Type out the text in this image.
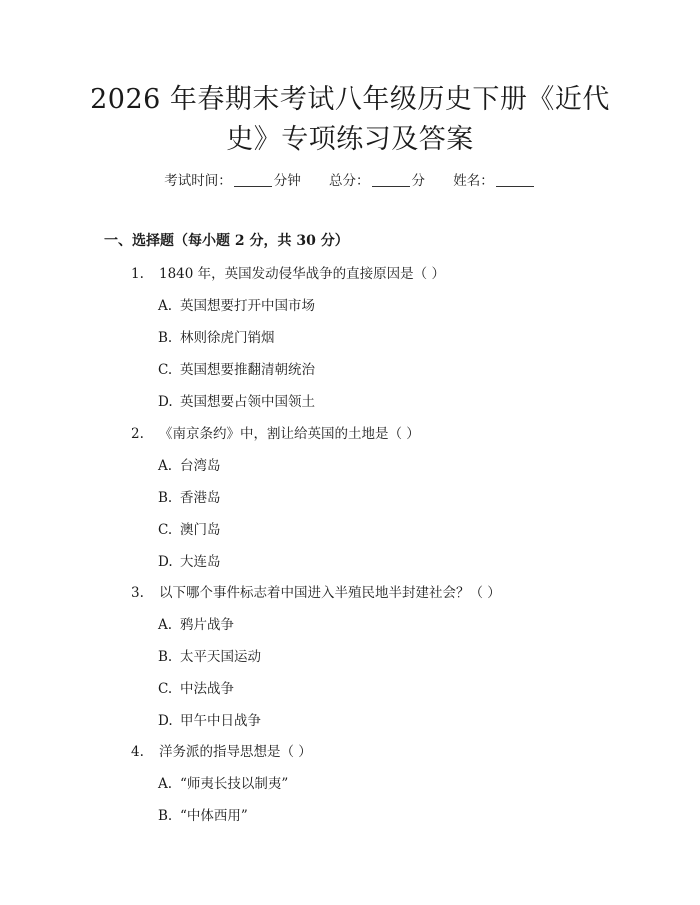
2026 年春期末考试八年级历史下册《近代
史》专项练习及答案
考试时间：	分钟 总分：	分 姓名：
一、选择题（每小题 2 分，共 30 分）
1. 1840 年，英国发动侵华战争的直接原因是（ ）
A. 英国想要打开中国市场
B. 林则徐虎门销烟
C. 英国想要推翻清朝统治
D. 英国想要占领中国领土
2. 《南京条约》中，割让给英国的土地是（ ）
A. 台湾岛
B. 香港岛
C. 澳门岛
D. 大连岛
3. 以下哪个事件标志着中国进入半殖民地半封建社会？（ ）
A. 鸦片战争
B. 太平天国运动
C. 中法战争
D. 甲午中日战争
4. 洋务派的指导思想是（ ）
A. “师夷长技以制夷”
B. “中体西用”
